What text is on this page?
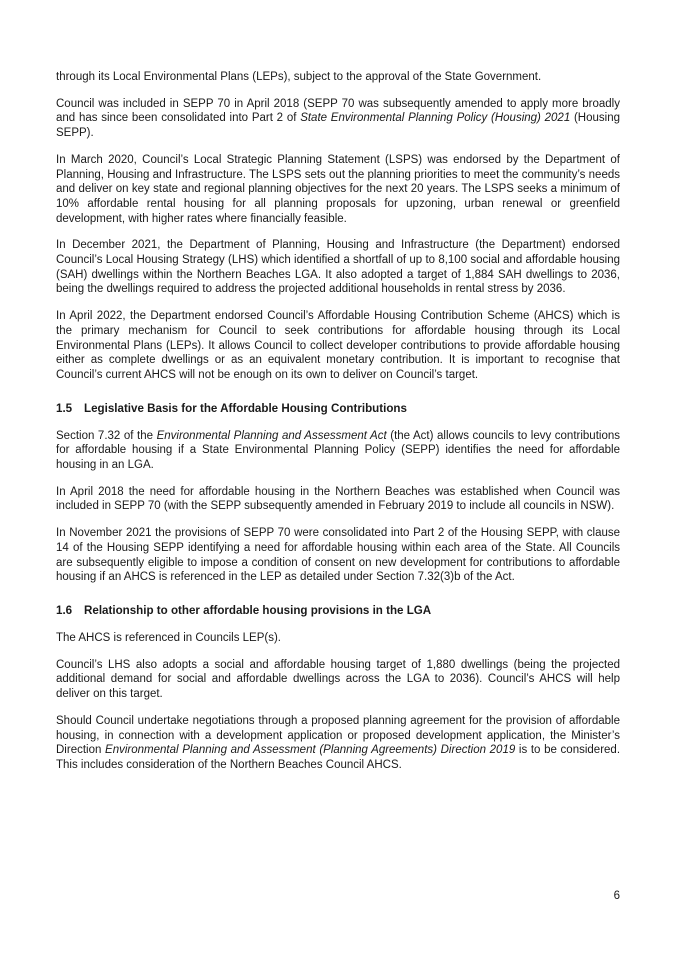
through its Local Environmental Plans (LEPs), subject to the approval of the State Government.

Council was included in SEPP 70 in April 2018 (SEPP 70 was subsequently amended to apply more broadly and has since been consolidated into Part 2 of State Environmental Planning Policy (Housing) 2021 (Housing SEPP).

In March 2020, Council’s Local Strategic Planning Statement (LSPS) was endorsed by the Department of Planning, Housing and Infrastructure. The LSPS sets out the planning priorities to meet the community’s needs and deliver on key state and regional planning objectives for the next 20 years. The LSPS seeks a minimum of 10% affordable rental housing for all planning proposals for upzoning, urban renewal or greenfield development, with higher rates where financially feasible.

In December 2021, the Department of Planning, Housing and Infrastructure (the Department) endorsed Council’s Local Housing Strategy (LHS) which identified a shortfall of up to 8,100 social and affordable housing (SAH) dwellings within the Northern Beaches LGA. It also adopted a target of 1,884 SAH dwellings to 2036, being the dwellings required to address the projected additional households in rental stress by 2036.

In April 2022, the Department endorsed Council’s Affordable Housing Contribution Scheme (AHCS) which is the primary mechanism for Council to seek contributions for affordable housing through its Local Environmental Plans (LEPs). It allows Council to collect developer contributions to provide affordable housing either as complete dwellings or as an equivalent monetary contribution. It is important to recognise that Council’s current AHCS will not be enough on its own to deliver on Council’s target.

1.5 Legislative Basis for the Affordable Housing Contributions

Section 7.32 of the Environmental Planning and Assessment Act (the Act) allows councils to levy contributions for affordable housing if a State Environmental Planning Policy (SEPP) identifies the need for affordable housing in an LGA.

In April 2018 the need for affordable housing in the Northern Beaches was established when Council was included in SEPP 70 (with the SEPP subsequently amended in February 2019 to include all councils in NSW).

In November 2021 the provisions of SEPP 70 were consolidated into Part 2 of the Housing SEPP, with clause 14 of the Housing SEPP identifying a need for affordable housing within each area of the State. All Councils are subsequently eligible to impose a condition of consent on new development for contributions to affordable housing if an AHCS is referenced in the LEP as detailed under Section 7.32(3)b of the Act.

1.6 Relationship to other affordable housing provisions in the LGA

The AHCS is referenced in Councils LEP(s).

Council’s LHS also adopts a social and affordable housing target of 1,880 dwellings (being the projected additional demand for social and affordable dwellings across the LGA to 2036). Council’s AHCS will help deliver on this target.

Should Council undertake negotiations through a proposed planning agreement for the provision of affordable housing, in connection with a development application or proposed development application, the Minister’s Direction Environmental Planning and Assessment (Planning Agreements) Direction 2019 is to be considered. This includes consideration of the Northern Beaches Council AHCS.

6
